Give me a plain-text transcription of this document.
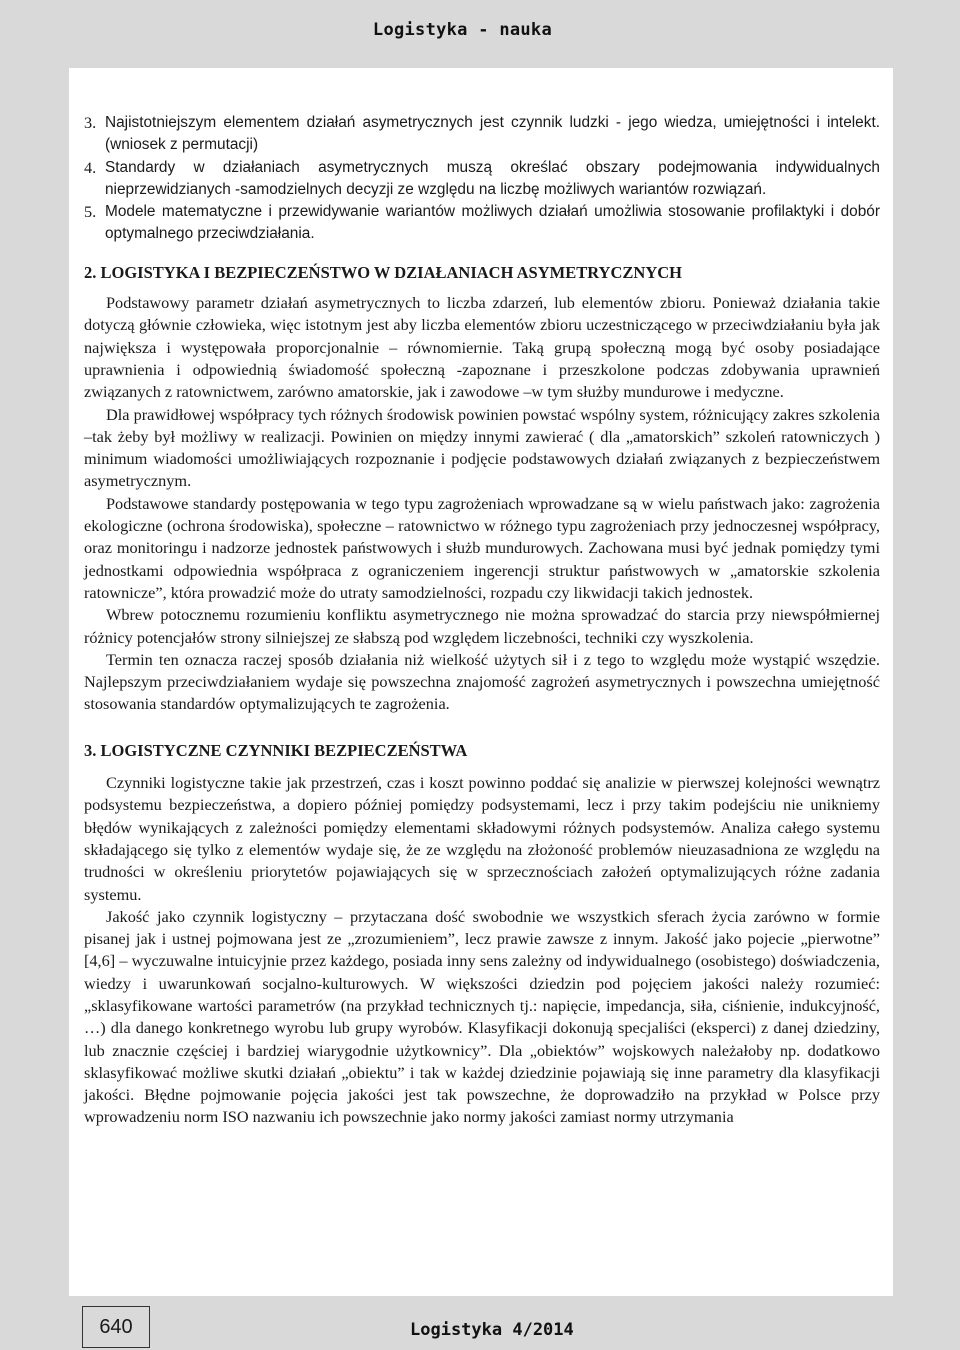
Logistyka - nauka
3. Najistotniejszym elementem działań asymetrycznych jest czynnik ludzki - jego wiedza, umiejętności i intelekt. (wniosek z permutacji)
4. Standardy w działaniach asymetrycznych muszą określać obszary podejmowania indywidualnych nieprzewidzianych -samodzielnych decyzji ze względu na liczbę możliwych wariantów rozwiązań.
5. Modele matematyczne i przewidywanie wariantów możliwych działań umożliwia stosowanie profilaktyki i dobór optymalnego przeciwdziałania.
2. LOGISTYKA I BEZPIECZEŃSTWO W DZIAŁANIACH ASYMETRYCZNYCH

Podstawowy parametr działań asymetrycznych to liczba zdarzeń, lub elementów zbioru. Ponieważ działania takie dotyczą głównie człowieka, więc istotnym jest aby liczba elementów zbioru uczestniczącego w przeciwdziałaniu była jak największa i występowała proporcjonalnie – równomiernie. Taką grupą społeczną mogą być osoby posiadające uprawnienia i odpowiednią świadomość społeczną -zapoznane i przeszkolone podczas zdobywania uprawnień związanych z ratownictwem, zarówno amatorskie, jak i zawodowe –w tym służby mundurowe i medyczne.

Dla prawidłowej współpracy tych różnych środowisk powinien powstać wspólny system, różnicujący zakres szkolenia –tak żeby był możliwy w realizacji. Powinien on między innymi zawierać ( dla „amatorskich” szkoleń ratowniczych ) minimum wiadomości umożliwiających rozpoznanie i podjęcie podstawowych działań związanych z bezpieczeństwem asymetrycznym.

Podstawowe standardy postępowania w tego typu zagrożeniach wprowadzane są w wielu państwach jako: zagrożenia ekologiczne (ochrona środowiska), społeczne – ratownictwo w różnego typu zagrożeniach przy jednoczesnej współpracy, oraz monitoringu i nadzorze jednostek państwowych i służb mundurowych. Zachowana musi być jednak pomiędzy tymi jednostkami odpowiednia współpraca z ograniczeniem ingerencji struktur państwowych w „amatorskie szkolenia ratownicze”, która prowadzić może do utraty samodzielności, rozpadu czy likwidacji takich jednostek.

Wbrew potocznemu rozumieniu konfliktu asymetrycznego nie można sprowadzać do starcia przy niewspółmiernej różnicy potencjałów strony silniejszej ze słabszą pod względem liczebności, techniki czy wyszkolenia.

Termin ten oznacza raczej sposób działania niż wielkość użytych sił i z tego to względu może wystąpić wszędzie. Najlepszym przeciwdziałaniem wydaje się powszechna znajomość zagrożeń asymetrycznych i powszechna umiejętność stosowania standardów optymalizujących te zagrożenia.

3. LOGISTYCZNE CZYNNIKI BEZPIECZEŃSTWA

Czynniki logistyczne takie jak przestrzeń, czas i koszt powinno poddać się analizie w pierwszej kolejności wewnątrz podsystemu bezpieczeństwa, a dopiero później pomiędzy podsystemami, lecz i przy takim podejściu nie unikniemy błędów wynikających z zależności pomiędzy elementami składowymi różnych podsystemów. Analiza całego systemu składającego się tylko z elementów wydaje się, że ze względu na złożoność problemów nieuzasadniona ze względu na trudności w określeniu priorytetów pojawiających się w sprzecznościach założeń optymalizujących różne zadania systemu.

Jakość jako czynnik logistyczny – przytaczana dość swobodnie we wszystkich sferach życia zarówno w formie pisanej jak i ustnej pojmowana jest ze „zrozumieniem”, lecz prawie zawsze z innym. Jakość jako pojecie „pierwotne” [4,6] – wyczuwalne intuicyjnie przez każdego, posiada inny sens zależny od indywidualnego (osobistego) doświadczenia, wiedzy i uwarunkowań socjalno-kulturowych. W większości dziedzin pod pojęciem jakości należy rozumieć: „sklasyfikowane wartości parametrów (na przykład technicznych tj.: napięcie, impedancja, siła, ciśnienie, indukcyjność, …) dla danego konkretnego wyrobu lub grupy wyrobów. Klasyfikacji dokonują specjaliści (eksperci) z danej dziedziny, lub znacznie częściej i bardziej wiarygodnie użytkownicy”. Dla „obiektów” wojskowych należałoby np. dodatkowo sklasyfikować możliwe skutki działań „obiektu” i tak w każdej dziedzinie pojawiają się inne parametry dla klasyfikacji jakości. Błędne pojmowanie pojęcia jakości jest tak powszechne, że doprowadziło na przykład w Polsce przy wprowadzeniu norm ISO nazwaniu ich powszechnie jako normy jakości zamiast normy utrzymania

640	Logistyka 4/2014
